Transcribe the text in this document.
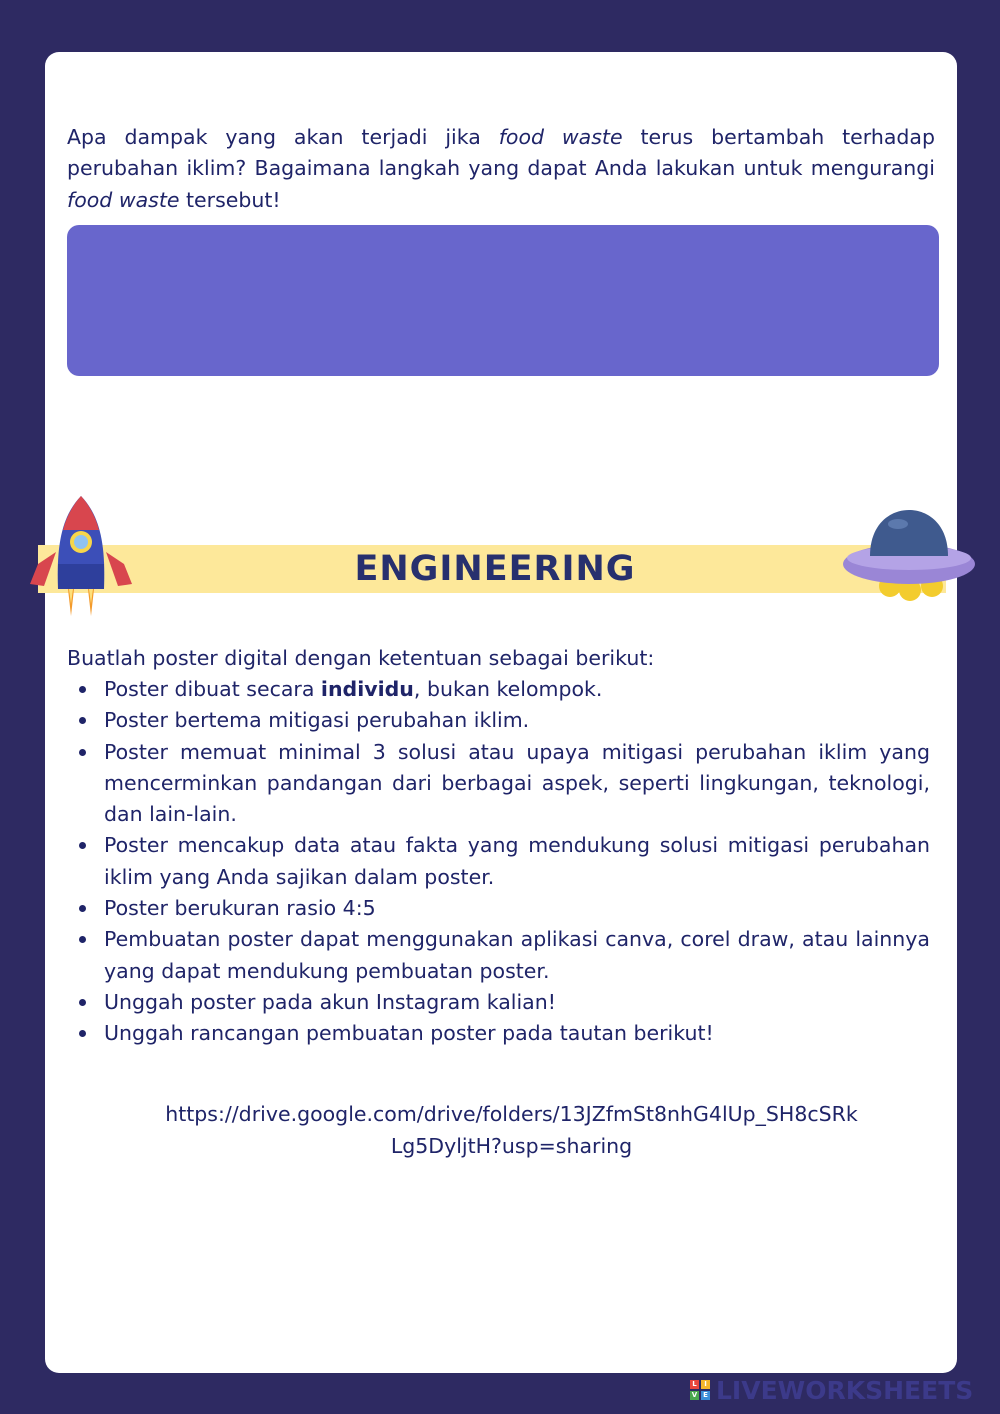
Apa dampak yang akan terjadi jika food waste terus bertambah terhadap perubahan iklim? Bagaimana langkah yang dapat Anda lakukan untuk mengurangi food waste tersebut!

ENGINEERING

Buatlah poster digital dengan ketentuan sebagai berikut:

Poster dibuat secara individu, bukan kelompok.
Poster bertema mitigasi perubahan iklim.
Poster memuat minimal 3 solusi atau upaya mitigasi perubahan iklim yang mencerminkan pandangan dari berbagai aspek, seperti lingkungan, teknologi, dan lain-lain.
Poster mencakup data atau fakta yang mendukung solusi mitigasi perubahan iklim yang Anda sajikan dalam poster.
Poster berukuran rasio 4:5
Pembuatan poster dapat menggunakan aplikasi canva, corel draw, atau lainnya yang dapat mendukung pembuatan poster.
Unggah poster pada akun Instagram kalian!
Unggah rancangan pembuatan poster pada tautan berikut!
https://drive.google.com/drive/folders/13JZfmSt8nhG4lUp_SH8cSRk
Lg5DyljtH?usp=sharing
L	I
V E LIVEWORKSHEETS
